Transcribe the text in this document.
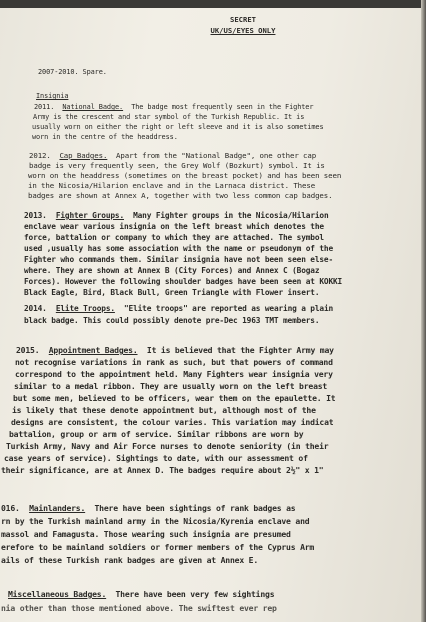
SECRET
UK/US/EYES ONLY
2007-2010. Spare.
Insignia
2011. National Badge. The badge most frequently seen in the Fighter
Army is the crescent and star symbol of the Turkish Republic. It is
usually worn on either the right or left sleeve and it is also sometimes
worn in the centre of the headdress.
2012. Cap Badges. Apart from the "National Badge", one other cap
badge is very frequently seen, the Grey Wolf (Bozkurt) symbol. It is
worn on the headdress (sometimes on the breast pocket) and has been seen
in the Nicosia/Hilarion enclave and in the Larnaca district. These
badges are shown at Annex A, together with two less common cap badges.
2013. Fighter Groups. Many Fighter groups in the Nicosia/Hilarion
enclave wear various insignia on the left breast which denotes the
force, battalion or company to which they are attached. The symbol
used ,usually has some association with the name or pseudonym of the
Fighter who commands them. Similar insignia have not been seen else-
where. They are shown at Annex B (City Forces) and Annex C (Bogaz
Forces). However the following shoulder badges have been seen at KOKKI
Black Eagle, Bird, Black Bull, Green Triangle with Flower insert.
2014. Elite Troops. "Elite troops" are reported as wearing a plain
black badge. This could possibly denote pre-Dec 1963 TMT members.
2015. Appointment Badges. It is believed that the Fighter Army may
not recognise variations in rank as such, but that powers of command
correspond to the appointment held. Many Fighters wear insignia very
similar to a medal ribbon. They are usually worn on the left breast
but some men, believed to be officers, wear them on the epaulette. It
is likely that these denote appointment but, although most of the
designs are consistent, the colour varies. This variation may indicat
battalion, group or arm of service. Similar ribbons are worn by
Turkish Army, Navy and Air Force nurses to denote seniority (in their
case years of service). Sightings to date, with our assessment of
their significance, are at Annex D. The badges require about 2½" x 1"
016. Mainlanders. There have been sightings of rank badges as
rn by the Turkish mainland army in the Nicosia/Kyrenia enclave and
massol and Famagusta. Those wearing such insignia are presumed
erefore to be mainland soldiers or former members of the Cyprus Arm
ails of these Turkish rank badges are given at Annex E.
Miscellaneous Badges. There have been very few sightings
nia other than those mentioned above. The swiftest ever rep
